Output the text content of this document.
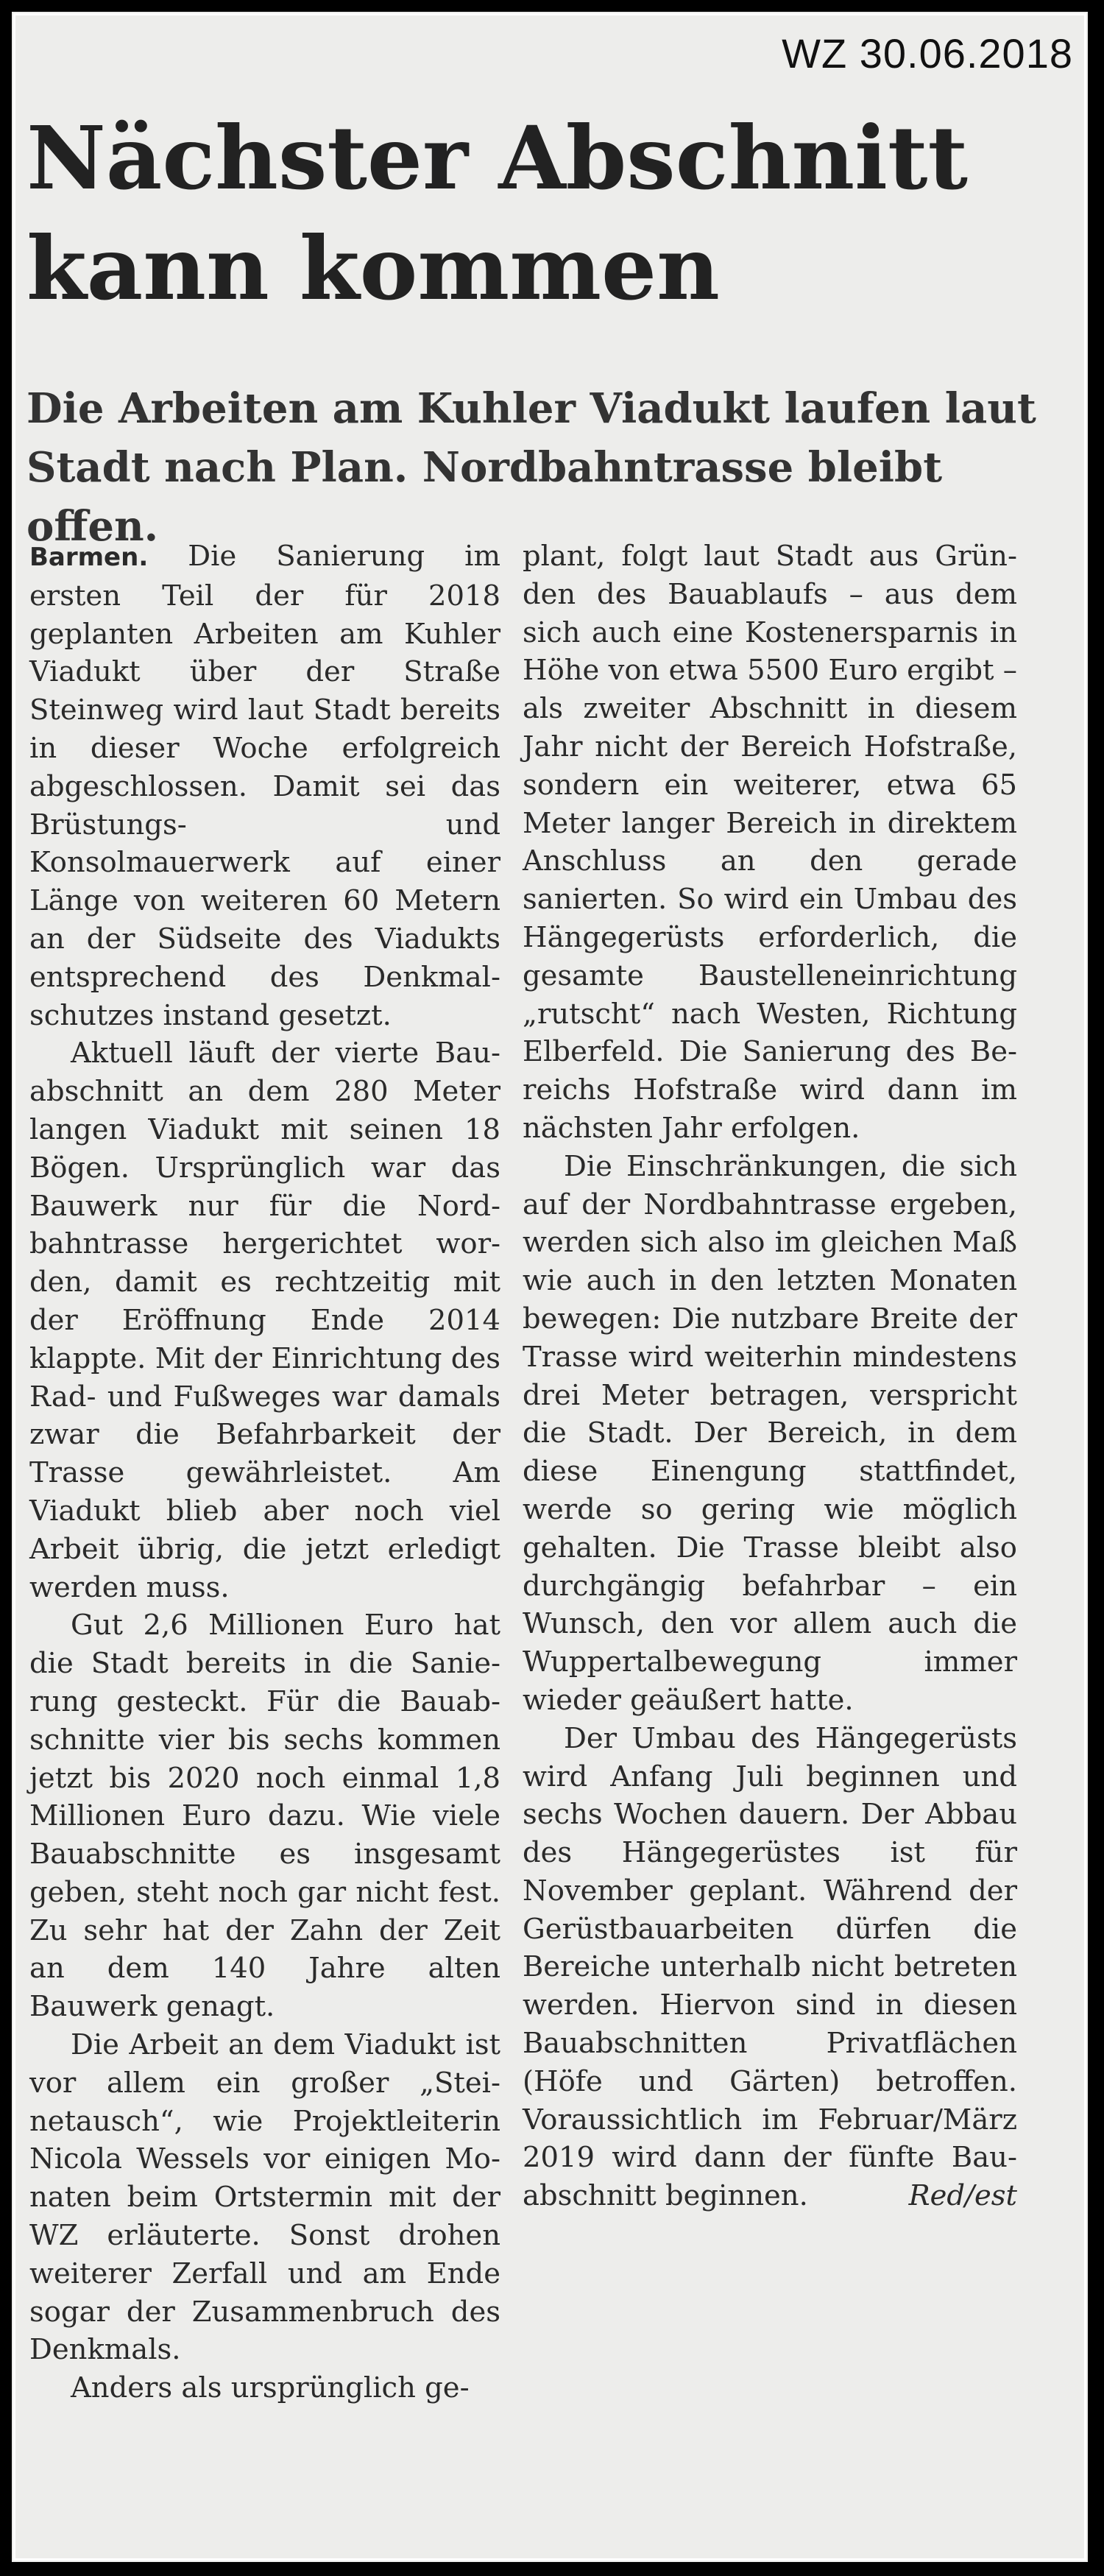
WZ 30.06.2018
Nächster Abschnitt
kann kommen
Die Arbeiten am Kuhler Viadukt laufen laut
Stadt nach Plan. Nordbahntrasse bleibt offen.

Barmen. Die Sanierung im ersten Teil der für 2018 geplanten Arbeiten am Kuhler Viadukt über der Straße Steinweg wird laut Stadt bereits in dieser Woche erfolgreich abgeschlossen. Damit sei das Brüstungs- und Konsolmauerwerk auf einer Länge von weiteren 60 Metern an der Südseite des Viadukts entsprechend des Denkmalschutzes instand gesetzt.

Aktuell läuft der vierte Bauabschnitt an dem 280 Meter langen Viadukt mit seinen 18 Bögen. Ursprünglich war das Bauwerk nur für die Nordbahntrasse hergerichtet worden, damit es rechtzeitig mit der Eröffnung Ende 2014 klappte. Mit der Einrichtung des Rad- und Fußweges war damals zwar die Befahrbarkeit der Trasse gewährleistet. Am Viadukt blieb aber noch viel Arbeit übrig, die jetzt erledigt werden muss.

Gut 2,6 Millionen Euro hat die Stadt bereits in die Sanierung gesteckt. Für die Bauabschnitte vier bis sechs kommen jetzt bis 2020 noch einmal 1,8 Millionen Euro dazu. Wie viele Bauabschnitte es insgesamt geben, steht noch gar nicht fest. Zu sehr hat der Zahn der Zeit an dem 140 Jahre alten Bauwerk genagt.

Die Arbeit an dem Viadukt ist vor allem ein großer „Steinetausch“, wie Projektleiterin Nicola Wessels vor einigen Monaten beim Ortstermin mit der WZ erläuterte. Sonst drohen weiterer Zerfall und am Ende sogar der Zusammenbruch des Denkmals.

Anders als ursprünglich ge-

plant, folgt laut Stadt aus Gründen des Bauablaufs – aus dem sich auch eine Kostenersparnis in Höhe von etwa 5500 Euro ergibt – als zweiter Abschnitt in diesem Jahr nicht der Bereich Hofstraße, sondern ein weiterer, etwa 65 Meter langer Bereich in direktem Anschluss an den gerade sanierten. So wird ein Umbau des Hängegerüsts erforderlich, die gesamte Baustelleneinrichtung „rutscht“ nach Westen, Richtung Elberfeld. Die Sanierung des Bereichs Hofstraße wird dann im nächsten Jahr erfolgen.

Die Einschränkungen, die sich auf der Nordbahntrasse ergeben, werden sich also im gleichen Maß wie auch in den letzten Monaten bewegen: Die nutzbare Breite der Trasse wird weiterhin mindestens drei Meter betragen, verspricht die Stadt. Der Bereich, in dem diese Einengung stattfindet, werde so gering wie möglich gehalten. Die Trasse bleibt also durchgängig befahrbar – ein Wunsch, den vor allem auch die Wuppertalbewegung immer wieder geäußert hatte.

Der Umbau des Hängegerüsts wird Anfang Juli beginnen und sechs Wochen dauern. Der Abbau des Hängegerüstes ist für November geplant. Während der Gerüstbauarbeiten dürfen die Bereiche unterhalb nicht betreten werden. Hiervon sind in diesen Bauabschnitten Privatflächen (Höfe und Gärten) betroffen. Voraussichtlich im Februar/März 2019 wird dann der fünfte Bauabschnitt beginnen.	Red/est
